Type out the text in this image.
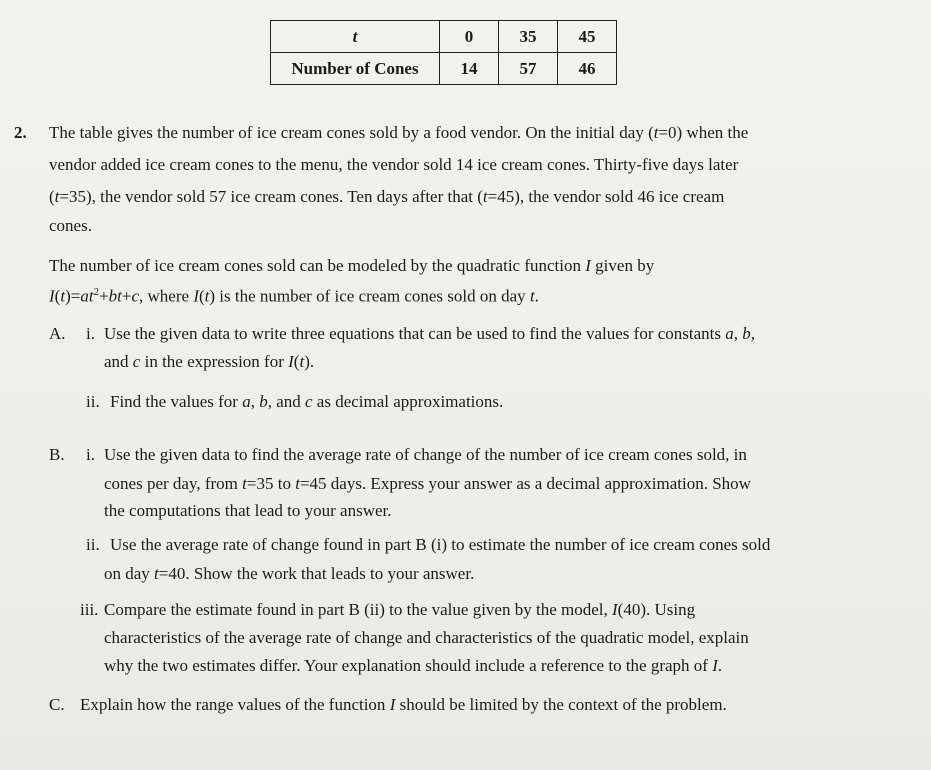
t	0	35	45
Number of Cones	14	57	46
2. The table gives the number of ice cream cones sold by a food vendor. On the initial day (t=0) when the
vendor added ice cream cones to the menu, the vendor sold 14 ice cream cones. Thirty-five days later
(t=35), the vendor sold 57 ice cream cones. Ten days after that (t=45), the vendor sold 46 ice cream
cones.
The number of ice cream cones sold can be modeled by the quadratic function I given by
$I(t)=at^2+bt+c$, where I(t) is the number of ice cream cones sold on day t.
A. i. Use the given data to write three equations that can be used to find the values for constants a, b,
and c in the expression for I(t).
ii. Find the values for a, b, and c as decimal approximations.
B. i. Use the given data to find the average rate of change of the number of ice cream cones sold, in
cones per day, from t=35 to t=45 days. Express your answer as a decimal approximation. Show
the computations that lead to your answer.
ii. Use the average rate of change found in part B (i) to estimate the number of ice cream cones sold
on day t=40. Show the work that leads to your answer.
iii. Compare the estimate found in part B (ii) to the value given by the model, I(40). Using
characteristics of the average rate of change and characteristics of the quadratic model, explain
why the two estimates differ. Your explanation should include a reference to the graph of I.
C. Explain how the range values of the function I should be limited by the context of the problem.
